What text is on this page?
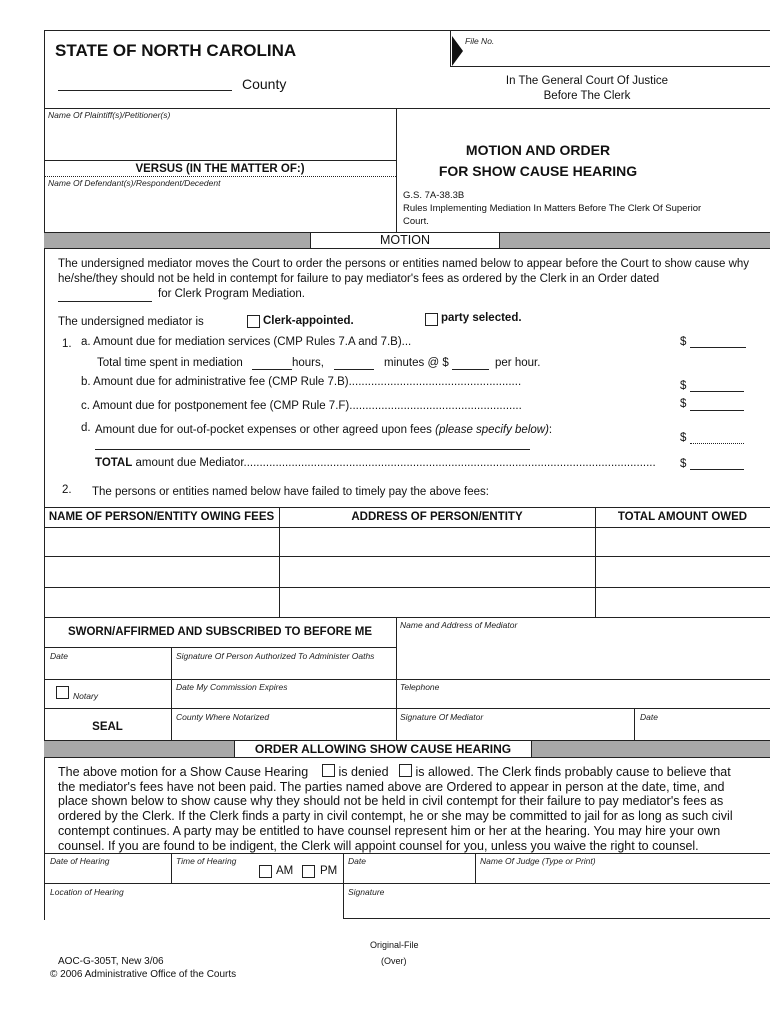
STATE OF NORTH CAROLINA	File No.
County	In The General Court Of Justice
Before The Clerk
Name Of Plaintiff(s)/Petitioner(s)
VERSUS (IN THE MATTER OF:)
Name Of Defendant(s)/Respondent/Decedent
MOTION AND ORDER
FOR SHOW CAUSE HEARING
G.S. 7A-38.3B
Rules Implementing Mediation In Matters Before The Clerk Of Superior
Court.
MOTION
The undersigned mediator moves the Court to order the persons or entities named below to appear before the Court to show cause why
he/she/they should not be held in contempt for failure to pay mediator's fees as ordered by the Clerk in an Order dated
for Clerk Program Mediation.
The undersigned mediator is	Clerk-appointed.	party selected.
1. a. Amount due for mediation services (CMP Rules 7.A and 7.B)...	$
Total time spent in mediation	hours,	minutes @ $	per hour.
b. Amount due for administrative fee (CMP Rule 7.B)......................................................	$
c. Amount due for postponement fee (CMP Rule 7.F)......................................................	$
d. Amount due for out-of-pocket expenses or other agreed upon fees (please specify below):
$
TOTAL amount due Mediator................................................................................................................................. $
2. The persons or entities named below have failed to timely pay the above fees:
NAME OF PERSON/ENTITY OWING FEES	ADDRESS OF PERSON/ENTITY	TOTAL AMOUNT OWED
SWORN/AFFIRMED AND SUBSCRIBED TO BEFORE ME
Date	Signature Of Person Authorized To Administer Oaths
Notary
Date My Commission Expires
SEAL
County Where Notarized
Name and Address of Mediator
Telephone
Signature Of Mediator	Date
ORDER ALLOWING SHOW CAUSE HEARING
The above motion for a Show Cause Hearing is denied is allowed. The Clerk finds probably cause to believe that the mediator's fees have not been paid. The parties named above are Ordered to appear in person at the date, time, and place shown below to show cause why they should not be held in civil contempt for their failure to pay mediator's fees as ordered by the Clerk. If the Clerk finds a party in civil contempt, he or she may be committed to jail for as long as such civil contempt continues. A party may be entitled to have counsel represent him or her at the hearing. You may hire your own counsel. If you are found to be indigent, the Clerk will appoint counsel for you, unless you waive the right to counsel.
Date of Hearing	Time of Hearing
AM PM
Date	Name Of Judge (Type or Print)
Location of Hearing	Signature
Original-File
(Over)
AOC-G-305T, New 3/06
© 2006 Administrative Office of the Courts
